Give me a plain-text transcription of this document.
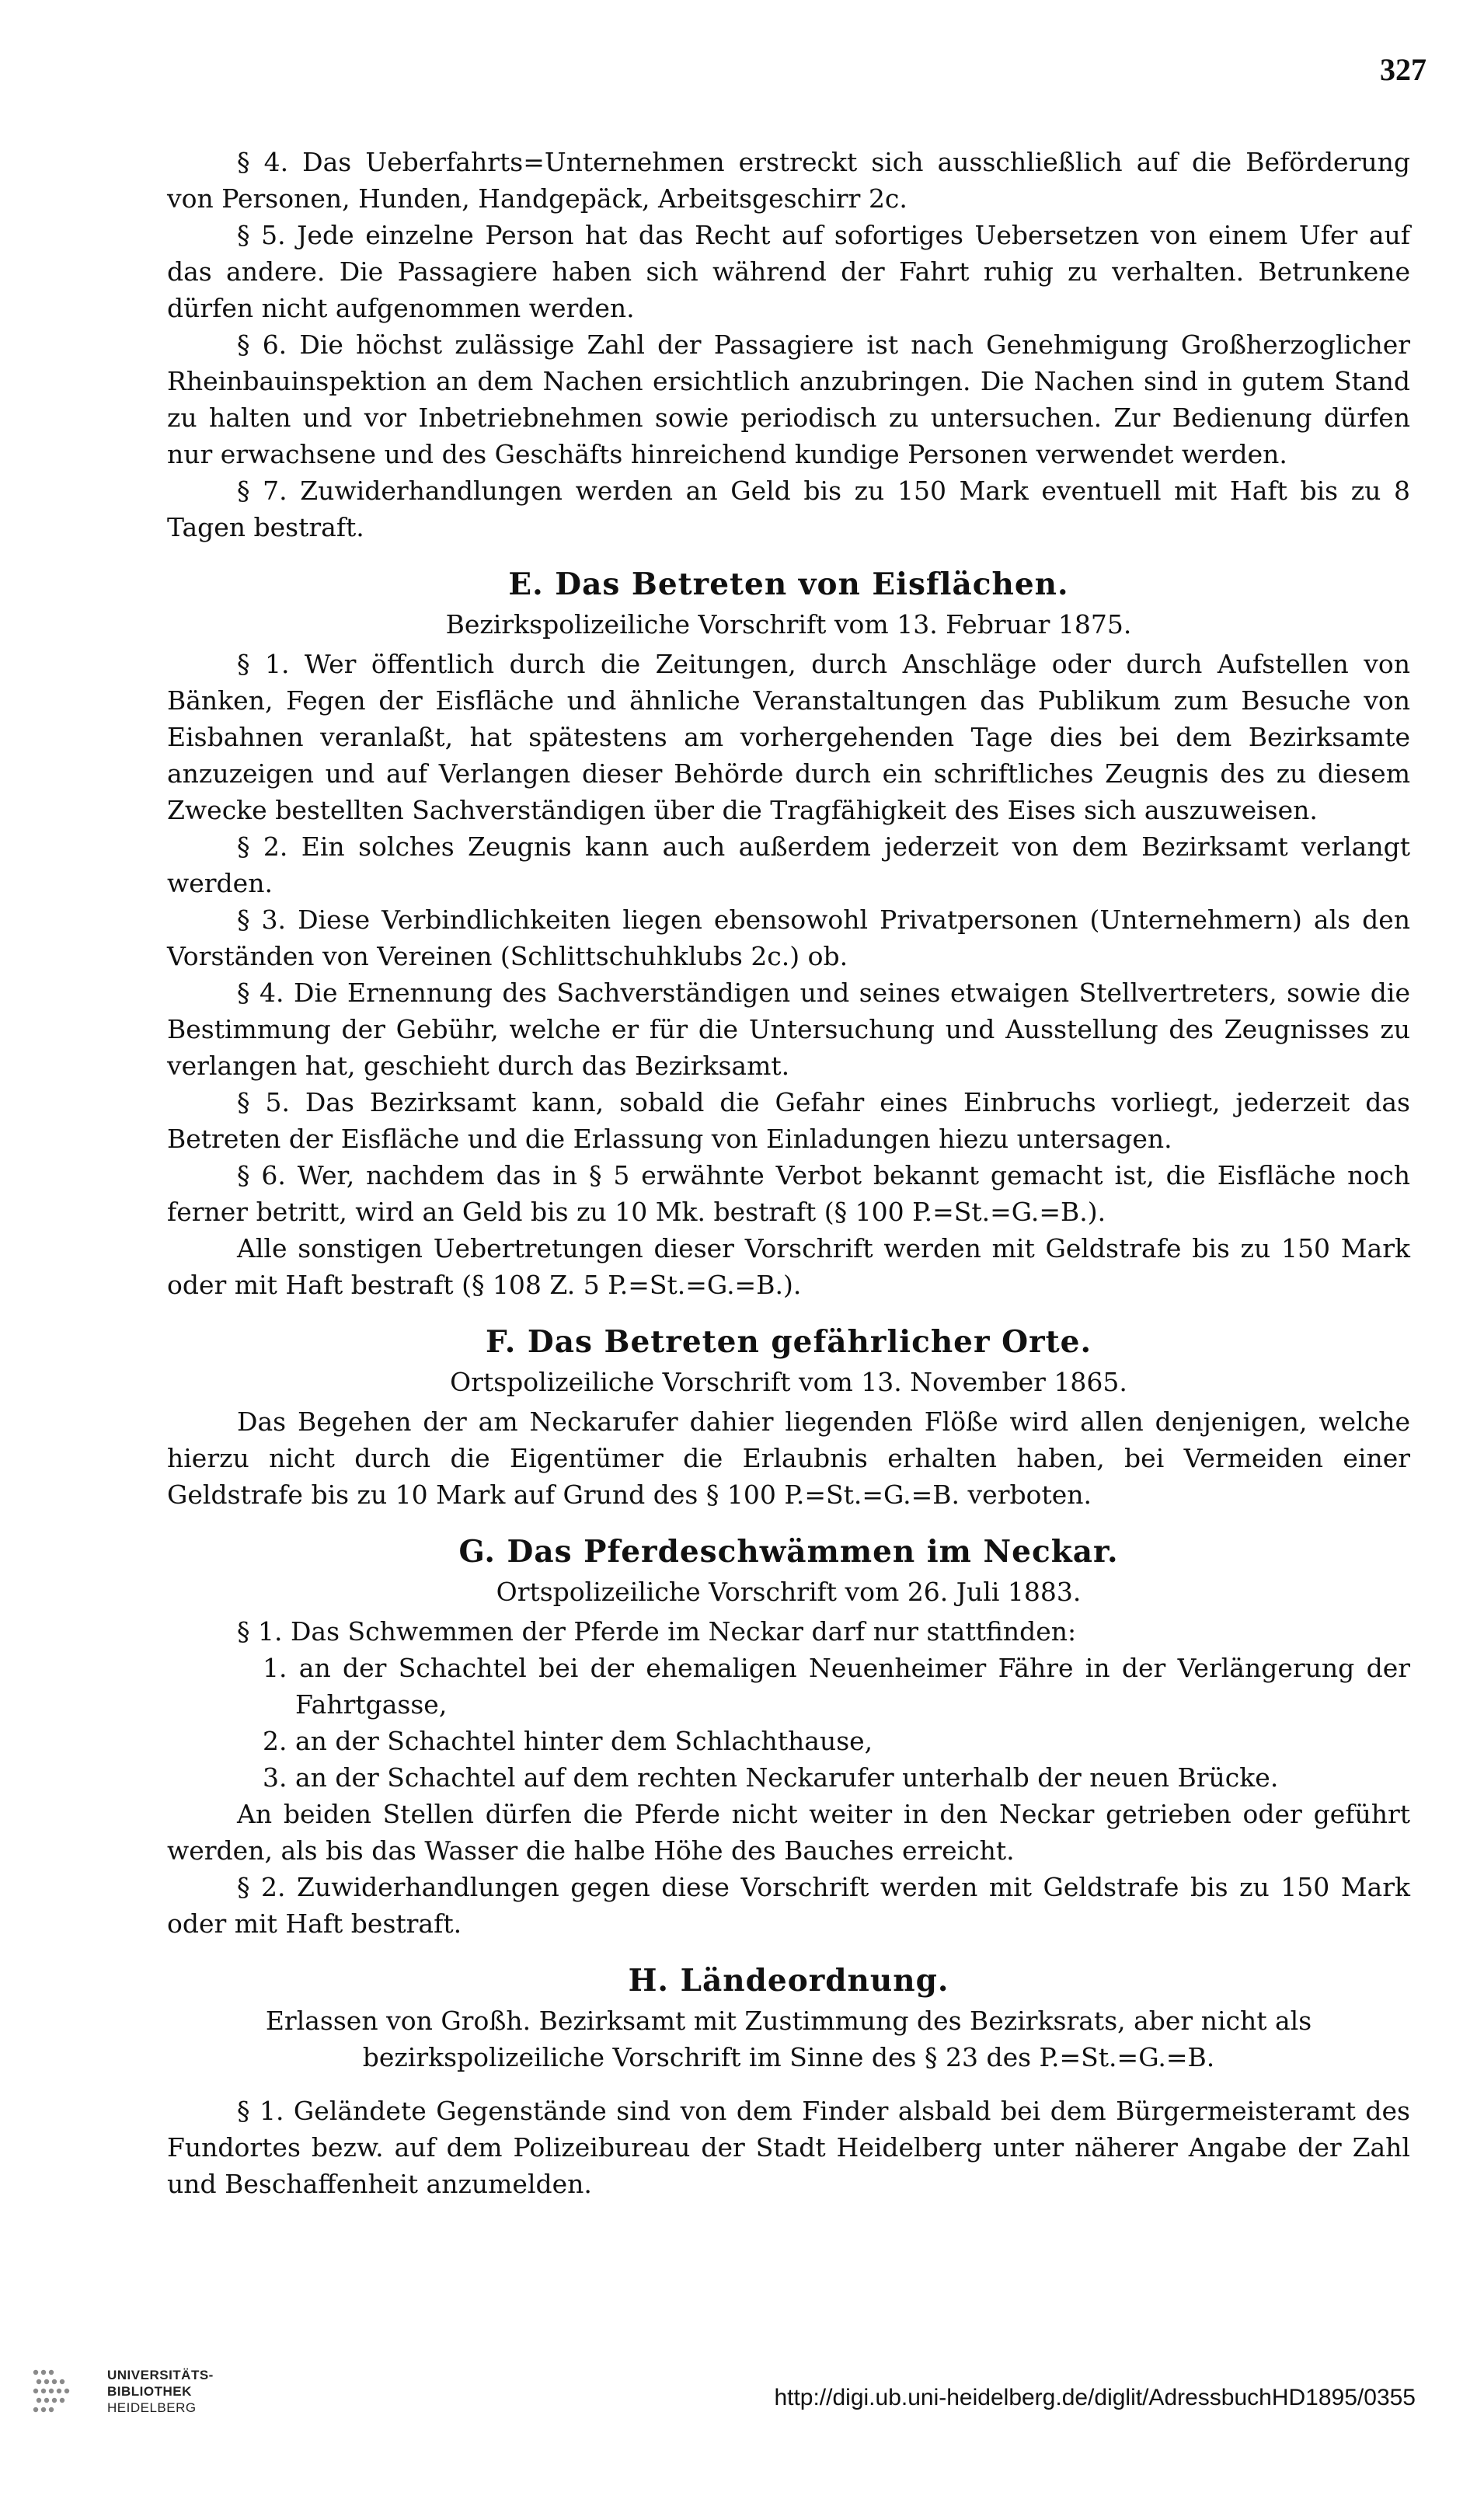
327

§ 4. Das Ueberfahrts=Unternehmen erstreckt sich ausschließlich auf die Beförderung von Personen, Hunden, Handgepäck, Arbeitsgeschirr 2c.

§ 5. Jede einzelne Person hat das Recht auf sofortiges Uebersetzen von einem Ufer auf das andere. Die Passagiere haben sich während der Fahrt ruhig zu verhalten. Betrunkene dürfen nicht aufgenommen werden.

§ 6. Die höchst zulässige Zahl der Passagiere ist nach Genehmigung Großherzoglicher Rheinbauinspektion an dem Nachen ersichtlich anzubringen. Die Nachen sind in gutem Stand zu halten und vor Inbetriebnehmen sowie periodisch zu untersuchen. Zur Bedienung dürfen nur erwachsene und des Geschäfts hinreichend kundige Personen verwendet werden.

§ 7. Zuwiderhandlungen werden an Geld bis zu 150 Mark eventuell mit Haft bis zu 8 Tagen bestraft.

E. Das Betreten von Eisflächen.
Bezirkspolizeiliche Vorschrift vom 13. Februar 1875.

§ 1. Wer öffentlich durch die Zeitungen, durch Anschläge oder durch Aufstellen von Bänken, Fegen der Eisfläche und ähnliche Veranstaltungen das Publikum zum Besuche von Eisbahnen veranlaßt, hat spätestens am vorhergehenden Tage dies bei dem Bezirksamte anzuzeigen und auf Verlangen dieser Behörde durch ein schriftliches Zeugnis des zu diesem Zwecke bestellten Sachverständigen über die Tragfähigkeit des Eises sich auszuweisen.

§ 2. Ein solches Zeugnis kann auch außerdem jederzeit von dem Bezirksamt verlangt werden.

§ 3. Diese Verbindlichkeiten liegen ebensowohl Privatpersonen (Unternehmern) als den Vorständen von Vereinen (Schlittschuhklubs 2c.) ob.

§ 4. Die Ernennung des Sachverständigen und seines etwaigen Stellvertreters, sowie die Bestimmung der Gebühr, welche er für die Untersuchung und Ausstellung des Zeugnisses zu verlangen hat, geschieht durch das Bezirksamt.

§ 5. Das Bezirksamt kann, sobald die Gefahr eines Einbruchs vorliegt, jederzeit das Betreten der Eisfläche und die Erlassung von Einladungen hiezu untersagen.

§ 6. Wer, nachdem das in § 5 erwähnte Verbot bekannt gemacht ist, die Eisfläche noch ferner betritt, wird an Geld bis zu 10 Mk. bestraft (§ 100 P.=St.=G.=B.).

Alle sonstigen Uebertretungen dieser Vorschrift werden mit Geldstrafe bis zu 150 Mark oder mit Haft bestraft (§ 108 Z. 5 P.=St.=G.=B.).

F. Das Betreten gefährlicher Orte.
Ortspolizeiliche Vorschrift vom 13. November 1865.

Das Begehen der am Neckarufer dahier liegenden Flöße wird allen denjenigen, welche hierzu nicht durch die Eigentümer die Erlaubnis erhalten haben, bei Vermeiden einer Geldstrafe bis zu 10 Mark auf Grund des § 100 P.=St.=G.=B. verboten.

G. Das Pferdeschwämmen im Neckar.
Ortspolizeiliche Vorschrift vom 26. Juli 1883.

§ 1. Das Schwemmen der Pferde im Neckar darf nur stattfinden:

1. an der Schachtel bei der ehemaligen Neuenheimer Fähre in der Verlängerung der Fahrtgasse,

2. an der Schachtel hinter dem Schlachthause,

3. an der Schachtel auf dem rechten Neckarufer unterhalb der neuen Brücke.

An beiden Stellen dürfen die Pferde nicht weiter in den Neckar getrieben oder geführt werden, als bis das Wasser die halbe Höhe des Bauches erreicht.

§ 2. Zuwiderhandlungen gegen diese Vorschrift werden mit Geldstrafe bis zu 150 Mark oder mit Haft bestraft.

H. Ländeordnung.
Erlassen von Großh. Bezirksamt mit Zustimmung des Bezirksrats, aber nicht als
bezirkspolizeiliche Vorschrift im Sinne des § 23 des P.=St.=G.=B.

§ 1. Geländete Gegenstände sind von dem Finder alsbald bei dem Bürgermeisteramt des Fundortes bezw. auf dem Polizeibureau der Stadt Heidelberg unter näherer Angabe der Zahl und Beschaffenheit anzumelden.

UNIVERSITÄTS-
BIBLIOTHEK
HEIDELBERG	http://digi.ub.uni-heidelberg.de/diglit/AdressbuchHD1895/0355
